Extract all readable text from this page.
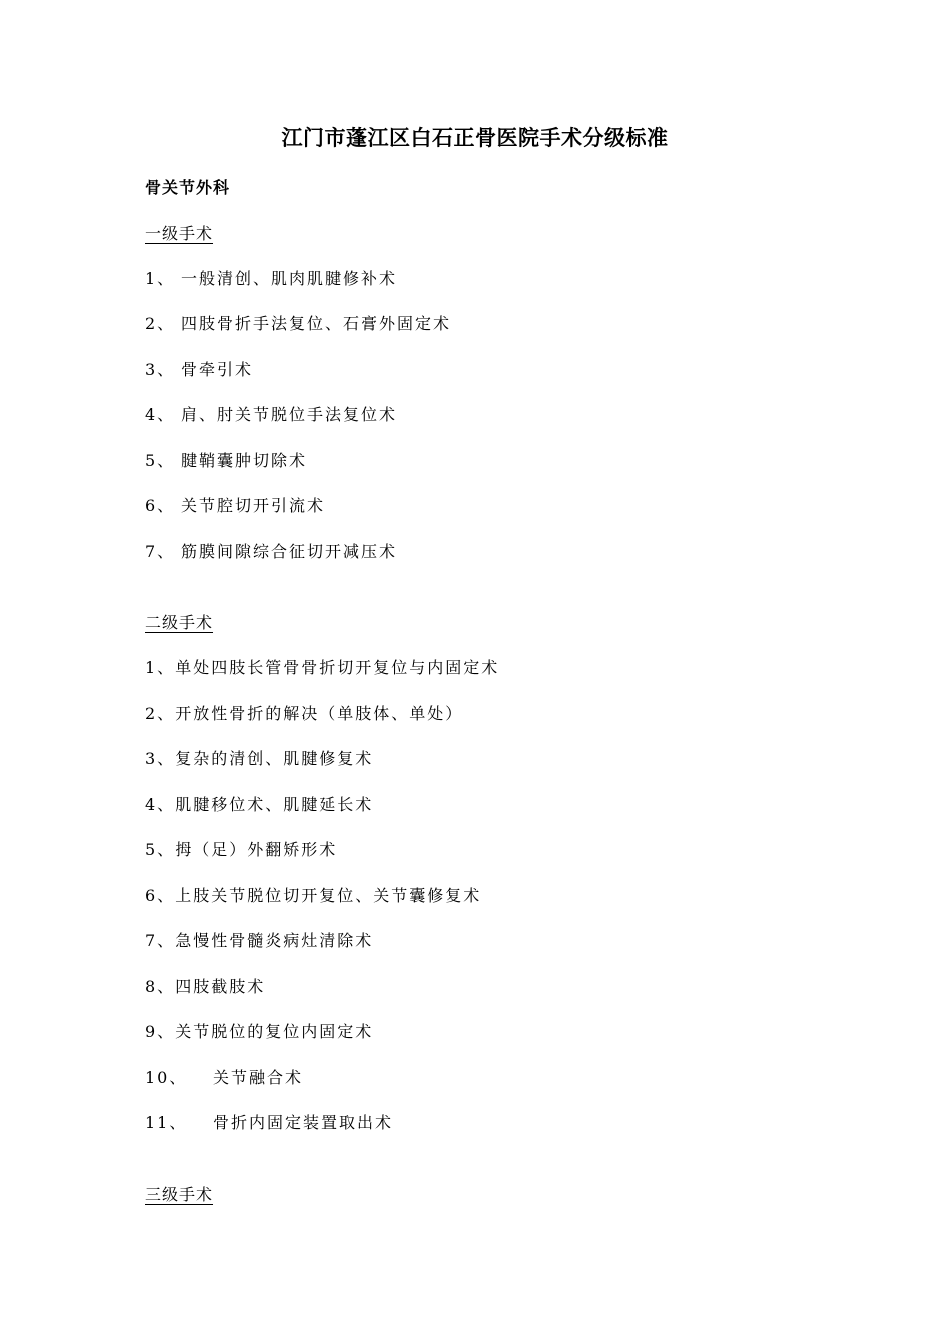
江门市蓬江区白石正骨医院手术分级标准
骨关节外科
一级手术
1、 一般清创、肌肉肌腱修补术
2、 四肢骨折手法复位、石膏外固定术
3、 骨牵引术
4、 肩、肘关节脱位手法复位术
5、 腱鞘囊肿切除术
6、 关节腔切开引流术
7、 筋膜间隙综合征切开减压术
二级手术
1、单处四肢长管骨骨折切开复位与内固定术
2、开放性骨折的解决（单肢体、单处）
3、复杂的清创、肌腱修复术
4、肌腱移位术、肌腱延长术
5、拇（足）外翻矫形术
6、上肢关节脱位切开复位、关节囊修复术
7、急慢性骨髓炎病灶清除术
8、四肢截肢术
9、关节脱位的复位内固定术
10、 关节融合术
11、 骨折内固定装置取出术
三级手术
